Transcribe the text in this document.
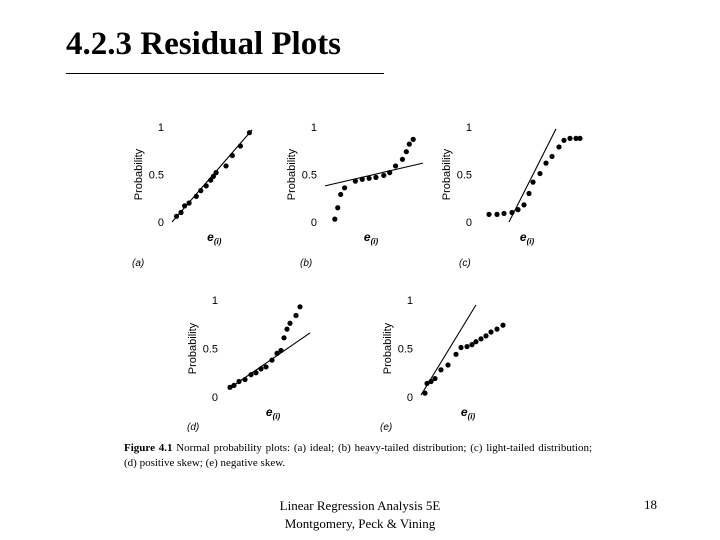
4.2.3 Residual Plots
0
0.5
1
Probability
$e_{(i)}$
(a)
0
0.5
1
Probability
$e_{(i)}$
(b)
0
0.5
1
Probability
$e_{(i)}$
(c)
0
0.5
1
Probability
$e_{(i)}$
(d)
0
0.5
1
Probability
$e_{(i)}$
(e)
Figure 4.1 Normal probability plots: (a) ideal; (b) heavy-tailed distribution; (c) light-tailed distribution; (d) positive skew; (e) negative skew.
Linear Regression Analysis 5E
Montgomery, Peck & Vining
18
